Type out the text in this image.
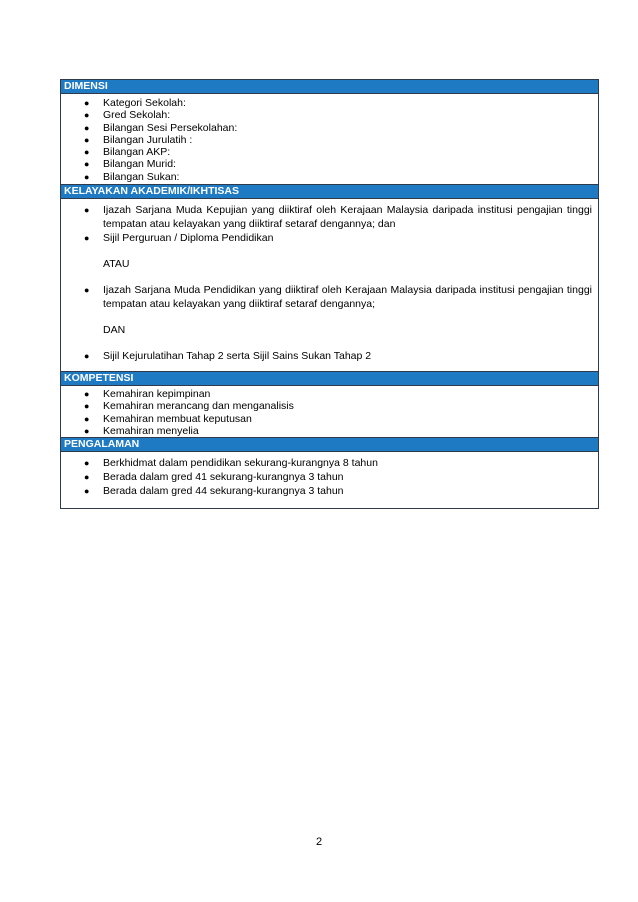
DIMENSI
● Kategori Sekolah:
● Gred Sekolah:
● Bilangan Sesi Persekolahan:
● Bilangan Jurulatih :
● Bilangan AKP:
● Bilangan Murid:
● Bilangan Sukan:
KELAYAKAN AKADEMIK/IKHTISAS
● Ijazah Sarjana Muda Kepujian yang diiktiraf oleh Kerajaan Malaysia daripada institusi pengajian tinggi tempatan atau kelayakan yang diiktiraf setaraf dengannya; dan
● Sijil Perguruan / Diploma Pendidikan
ATAU
● Ijazah Sarjana Muda Pendidikan yang diiktiraf oleh Kerajaan Malaysia daripada institusi pengajian tinggi tempatan atau kelayakan yang diiktiraf setaraf dengannya;
DAN
● Sijil Kejurulatihan Tahap 2 serta Sijil Sains Sukan Tahap 2
KOMPETENSI
● Kemahiran kepimpinan
● Kemahiran merancang dan menganalisis
● Kemahiran membuat keputusan
● Kemahiran menyelia
PENGALAMAN
● Berkhidmat dalam pendidikan sekurang-kurangnya 8 tahun
● Berada dalam gred 41 sekurang-kurangnya 3 tahun
● Berada dalam gred 44 sekurang-kurangnya 3 tahun
2
